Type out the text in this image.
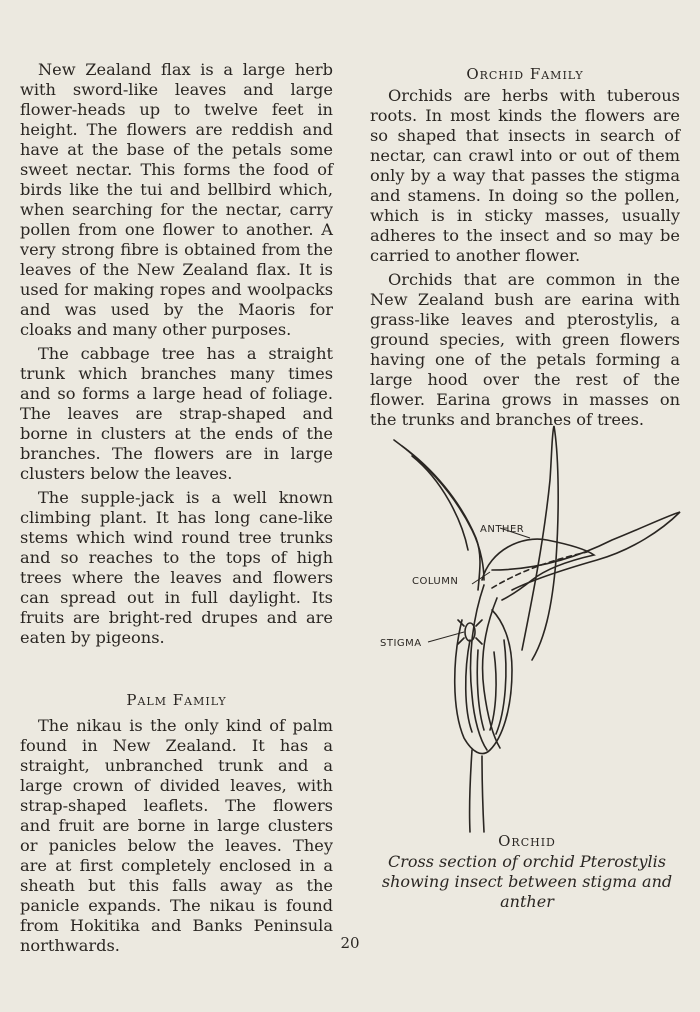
New Zealand flax is a large herb with sword-like leaves and large flower-heads up to twelve feet in height. The flowers are reddish and have at the base of the petals some sweet nectar. This forms the food of birds like the tui and bellbird which, when searching for the nectar, carry pollen from one flower to another. A very strong fibre is obtained from the leaves of the New Zealand flax. It is used for making ropes and woolpacks and was used by the Maoris for cloaks and many other purposes.

The cabbage tree has a straight trunk which branches many times and so forms a large head of foliage. The leaves are strap-shaped and borne in clusters at the ends of the branches. The flowers are in large clusters below the leaves.

The supple-jack is a well known climbing plant. It has long cane-like stems which wind round tree trunks and so reaches to the tops of high trees where the leaves and flowers can spread out in full daylight. Its fruits are bright-red drupes and are eaten by pigeons.

Palm Family

The nikau is the only kind of palm found in New Zealand. It has a straight, unbranched trunk and a large crown of divided leaves, with strap-shaped leaflets. The flowers and fruit are borne in large clusters or panicles below the leaves. They are at first completely enclosed in a sheath but this falls away as the panicle expands. The nikau is found from Hokitika and Banks Peninsula northwards.

Orchid Family

Orchids are herbs with tuberous roots. In most kinds the flowers are so shaped that insects in search of nectar, can crawl into or out of them only by a way that passes the stigma and stamens. In doing so the pollen, which is in sticky masses, usually adheres to the insect and so may be carried to another flower.

Orchids that are common in the New Zealand bush are earina with grass-like leaves and pterostylis, a ground species, with green flowers having one of the petals forming a large hood over the rest of the flower. Earina grows in masses on the trunks and branches of trees.

ANTHER
COLUMN
STIGMA
Orchid
Cross section of orchid Pterostylis showing insect between stigma and anther
20
